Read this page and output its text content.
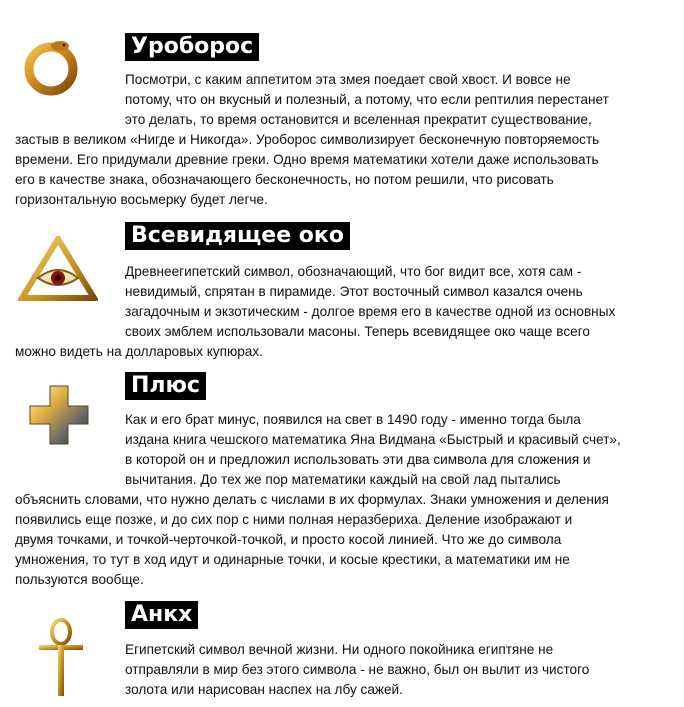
Уроборос
Посмотри, с каким аппетитом эта змея поедает свой хвост. И вовсе не
потому, что он вкусный и полезный, а потому, что если рептилия перестанет
это делать, то время остановится и вселенная прекратит существование,
застыв в великом «Нигде и Никогда». Уроборос символизирует бесконечную повторяемость
времени. Его придумали древние греки. Одно время математики хотели даже использовать
его в качестве знака, обозначающего бесконечность, но потом решили, что рисовать
горизонтальную восьмерку будет легче.
Всевидящее око
Древнеегипетский символ, обозначающий, что бог видит все, хотя сам -
невидимый, спрятан в пирамиде. Этот восточный символ казался очень
загадочным и экзотическим - долгое время его в качестве одной из основных
своих эмблем использовали масоны. Теперь всевидящее око чаще всего
можно видеть на долларовых купюрах.
Плюс
Как и его брат минус, появился на свет в 1490 году - именно тогда была
издана книга чешского математика Яна Видмана «Быстрый и красивый счет»,
в которой он и предложил использовать эти два символа для сложения и
вычитания. До тех же пор математики каждый на свой лад пытались
объяснить словами, что нужно делать с числами в их формулах. Знаки умножения и деления
появились еще позже, и до сих пор с ними полная неразбериха. Деление изображают и
двумя точками, и точкой-черточкой-точкой, и просто косой линией. Что же до символа
умножения, то тут в ход идут и одинарные точки, и косые крестики, а математики им не
пользуются вообще.
Анкх
Египетский символ вечной жизни. Ни одного покойника египтяне не
отправляли в мир без этого символа - не важно, был он вылит из чистого
золота или нарисован наспех на лбу сажей.
